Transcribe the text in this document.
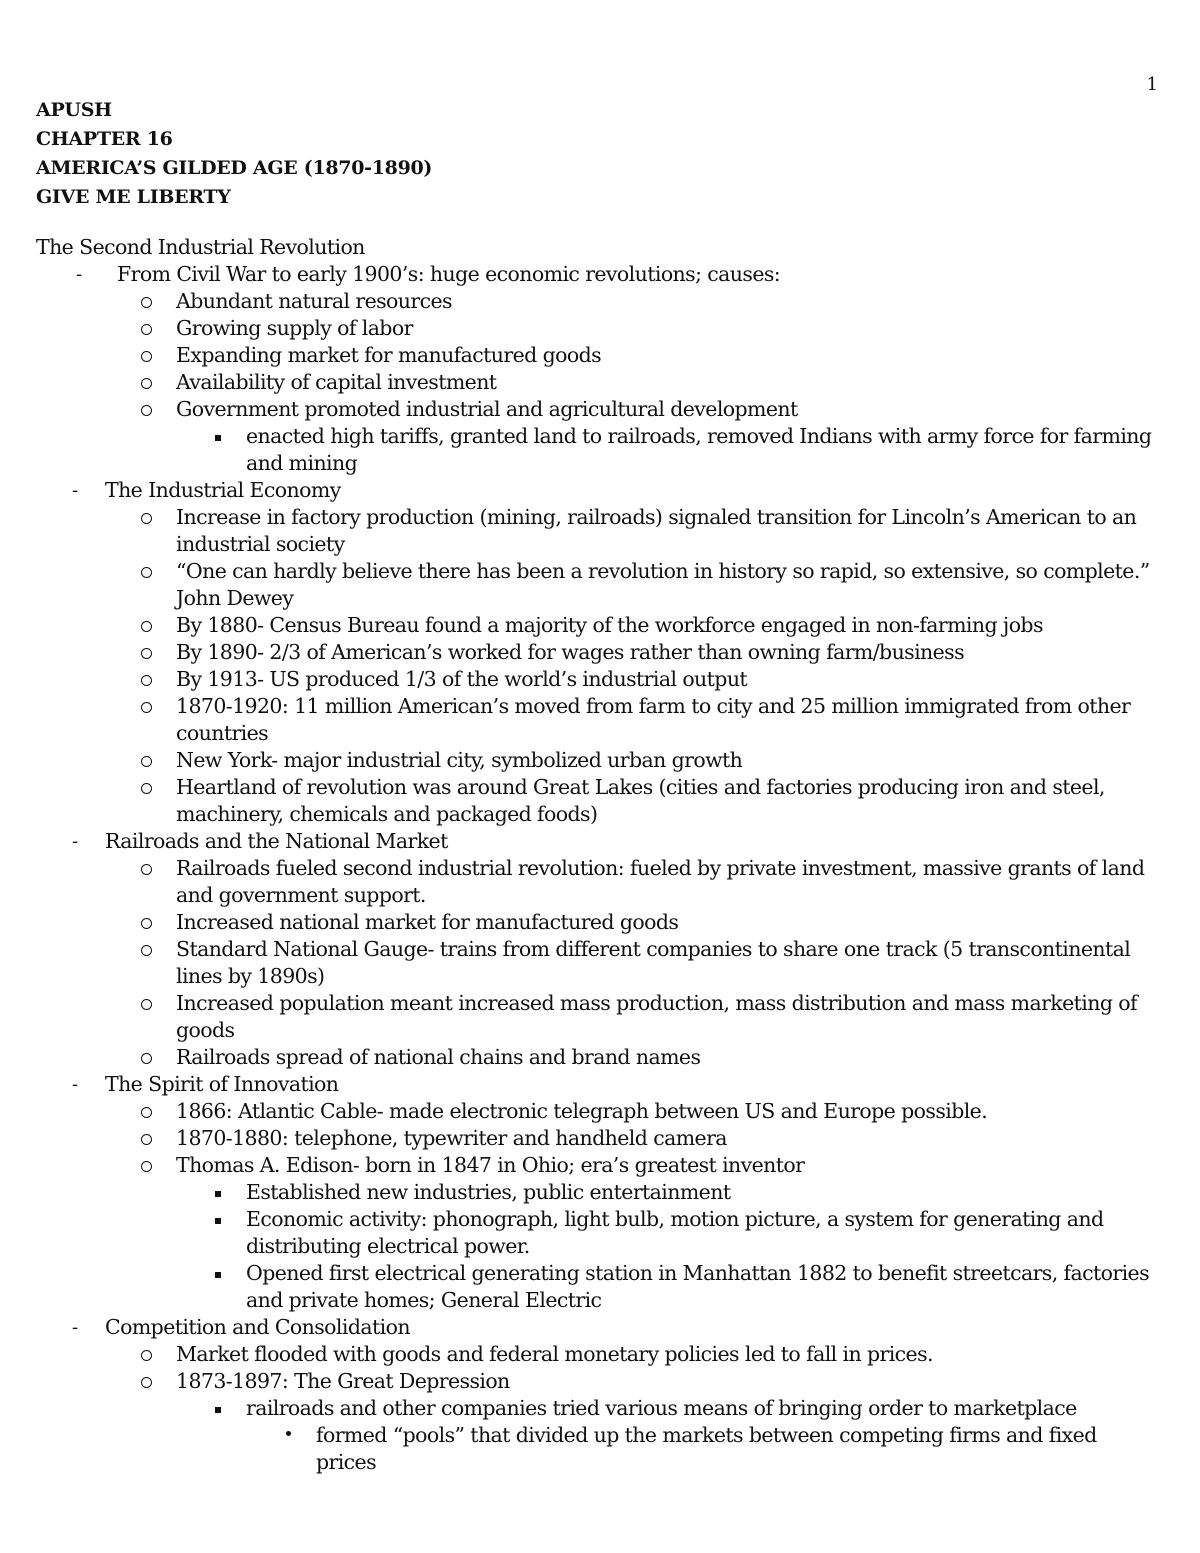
1
APUSH
CHAPTER 16
AMERICA’S GILDED AGE (1870-1890)
GIVE ME LIBERTY
The Second Industrial Revolution
- From Civil War to early 1900’s: huge economic revolutions; causes:
Abundant natural resources
Growing supply of labor
Expanding market for manufactured goods
Availability of capital investment
Government promoted industrial and agricultural development
enacted high tariffs, granted land to railroads, removed Indians with army force for farming and mining
- The Industrial Economy
Increase in factory production (mining, railroads) signaled transition for Lincoln’s American to an industrial society
“One can hardly believe there has been a revolution in history so rapid, so extensive, so complete.” John Dewey
By 1880- Census Bureau found a majority of the workforce engaged in non-farming jobs
By 1890- 2/3 of American’s worked for wages rather than owning farm/business
By 1913- US produced 1/3 of the world’s industrial output
1870-1920: 11 million American’s moved from farm to city and 25 million immigrated from other countries
New York- major industrial city, symbolized urban growth
Heartland of revolution was around Great Lakes (cities and factories producing iron and steel, machinery, chemicals and packaged foods)
- Railroads and the National Market
Railroads fueled second industrial revolution: fueled by private investment, massive grants of land and government support.
Increased national market for manufactured goods
Standard National Gauge- trains from different companies to share one track (5 transcontinental lines by 1890s)
Increased population meant increased mass production, mass distribution and mass marketing of goods
Railroads spread of national chains and brand names
- The Spirit of Innovation
1866: Atlantic Cable- made electronic telegraph between US and Europe possible.
1870-1880: telephone, typewriter and handheld camera
Thomas A. Edison- born in 1847 in Ohio; era’s greatest inventor
Established new industries, public entertainment
Economic activity: phonograph, light bulb, motion picture, a system for generating and distributing electrical power.
Opened first electrical generating station in Manhattan 1882 to benefit streetcars, factories and private homes; General Electric
- Competition and Consolidation
Market flooded with goods and federal monetary policies led to fall in prices.
1873-1897: The Great Depression
railroads and other companies tried various means of bringing order to marketplace
formed “pools” that divided up the markets between competing firms and fixed prices
